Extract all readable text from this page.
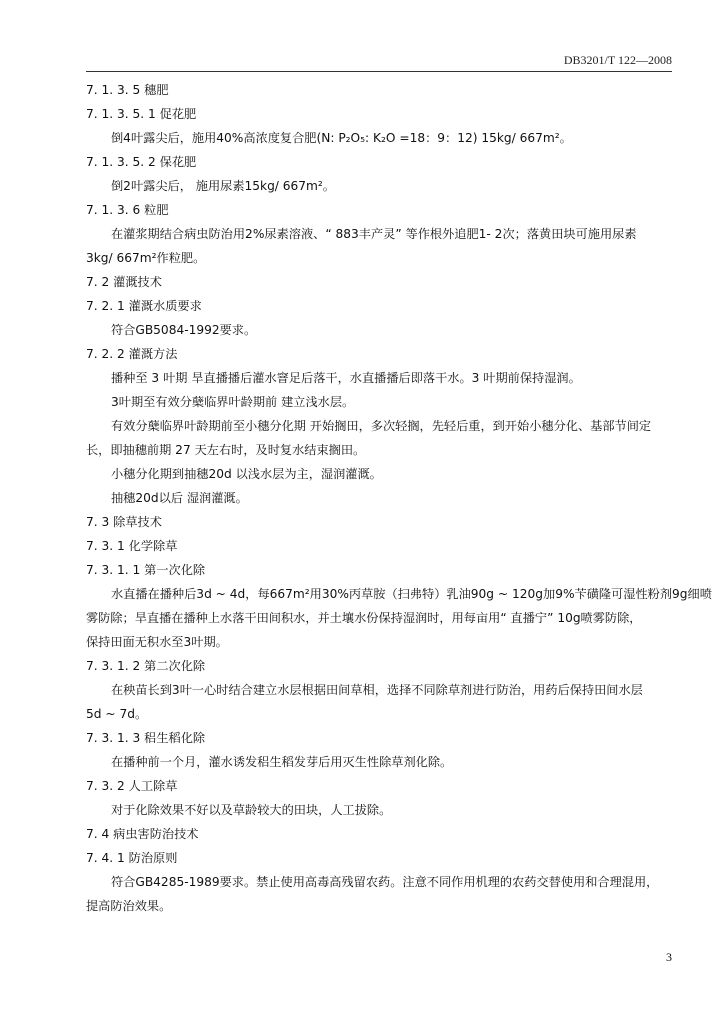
DB3201/T 122—2008
7. 1. 3. 5 穗肥
7. 1. 3. 5. 1 促花肥
倒4叶露尖后，施用40%高浓度复合肥(N: P₂O₅: K₂O =18：9：12) 15kg/ 667m²。
7. 1. 3. 5. 2 保花肥
倒2叶露尖后， 施用尿素15kg/ 667m²。
7. 1. 3. 6 粒肥
在灌浆期结合病虫防治用2%尿素溶液、“ 883丰产灵” 等作根外追肥1- 2次；落黄田块可施用尿素
3kg/ 667m²作粒肥。
7. 2 灌溉技术
7. 2. 1 灌溉水质要求
符合GB5084-1992要求。
7. 2. 2 灌溉方法
播种至 3 叶期 旱直播播后灌水窨足后落干，水直播播后即落干水。3 叶期前保持湿润。
3叶期至有效分蘖临界叶龄期前 建立浅水层。
有效分蘖临界叶龄期前至小穗分化期 开始搁田，多次轻搁，先轻后重，到开始小穗分化、基部节间定
长，即抽穗前期 27 天左右时，及时复水结束搁田。
小穗分化期到抽穗20d 以浅水层为主，湿润灌溉。
抽穗20d以后 湿润灌溉。
7. 3 除草技术
7. 3. 1 化学除草
7. 3. 1. 1 第一次化除
水直播在播种后3d ~ 4d，每667m²用30%丙草胺（扫弗特）乳油90g ~ 120g加9%苄磺隆可湿性粉剂9g细喷
雾防除；旱直播在播种上水落干田间积水，并土壤水份保持湿润时，用每亩用“ 直播宁” 10g喷雾防除，
保持田面无积水至3叶期。
7. 3. 1. 2 第二次化除
在秧苗长到3叶一心时结合建立水层根据田间草相，选择不同除草剂进行防治，用药后保持田间水层
5d ~ 7d。
7. 3. 1. 3 稆生稻化除
在播种前一个月，灌水诱发稆生稻发芽后用灭生性除草剂化除。
7. 3. 2 人工除草
对于化除效果不好以及草龄较大的田块，人工拔除。
7. 4 病虫害防治技术
7. 4. 1 防治原则
符合GB4285-1989要求。禁止使用高毒高残留农药。注意不同作用机理的农药交替使用和合理混用，
提高防治效果。
3
